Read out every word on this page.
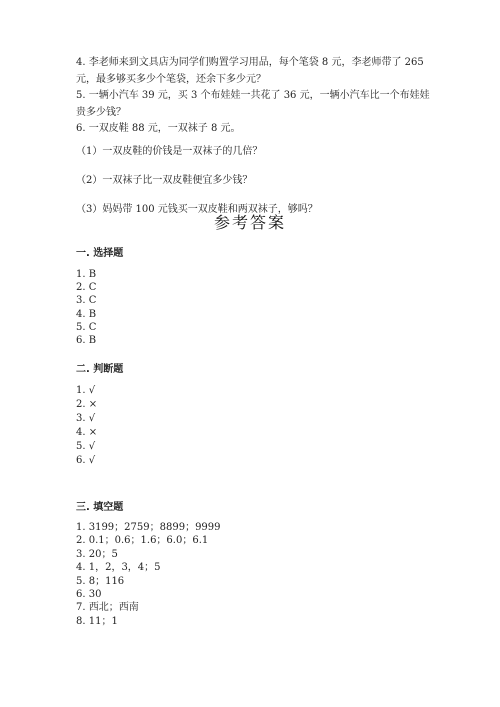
4. 李老师来到文具店为同学们购置学习用品，每个笔袋 8 元，李老师带了 265

元，最多够买多少个笔袋，还余下多少元？

5. 一辆小汽车 39 元，买 3 个布娃娃一共花了 36 元，一辆小汽车比一个布娃娃

贵多少钱？

6. 一双皮鞋 88 元，一双袜子 8 元。

（1）一双皮鞋的价钱是一双袜子的几倍？

（2）一双袜子比一双皮鞋便宜多少钱？

（3）妈妈带 100 元钱买一双皮鞋和两双袜子，够吗？

参考答案
一. 选择题

1. B

2. C

3. C

4. B

5. C

6. B

二. 判断题

1. √

2. ×

3. √

4. ×

5. √

6. √

三. 填空题

1. 3199；2759；8899；9999

2. 0.1；0.6；1.6；6.0；6.1

3. 20；5

4. 1，2，3，4；5

5. 8；116

6. 30

7. 西北；西南

8. 11；1
